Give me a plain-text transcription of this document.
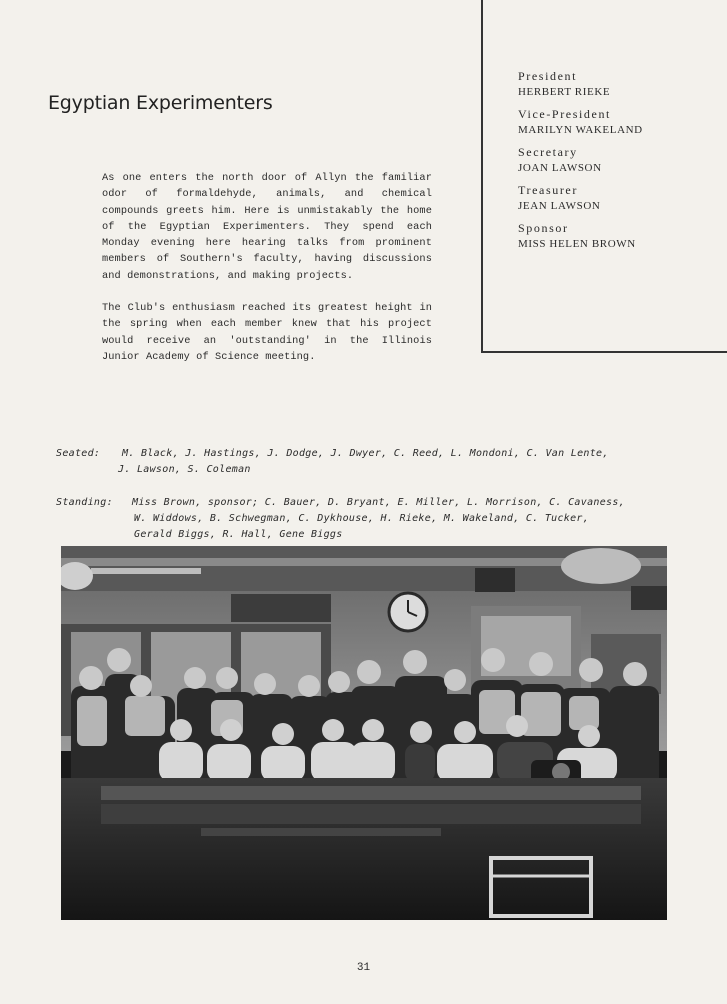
President
HERBERT RIEKE
Vice-President
MARILYN WAKELAND
Secretary
JOAN LAWSON
Treasurer
JEAN LAWSON
Sponsor
MISS HELEN BROWN
Egyptian Experimenters

As one enters the north door of Allyn the familiar odor of formaldehyde, animals, and chemical compounds greets him. Here is unmistakably the home of the Egyptian Experimenters. They spend each Monday evening here hearing talks from prominent members of Southern's faculty, having discussions and demonstrations, and making projects.

The Club's enthusiasm reached its greatest height in the spring when each member knew that his project would receive an 'outstanding' in the Illinois Junior Academy of Science meeting.

Seated: M. Black, J. Hastings, J. Dodge, J. Dwyer, C. Reed, L. Mondoni, C. Van Lente,
J. Lawson, S. Coleman
Standing: Miss Brown, sponsor; C. Bauer, D. Bryant, E. Miller, L. Morrison, C. Cavaness,
W. Widdows, B. Schwegman, C. Dykhouse, H. Rieke, M. Wakeland, C. Tucker,
Gerald Biggs, R. Hall, Gene Biggs
31
